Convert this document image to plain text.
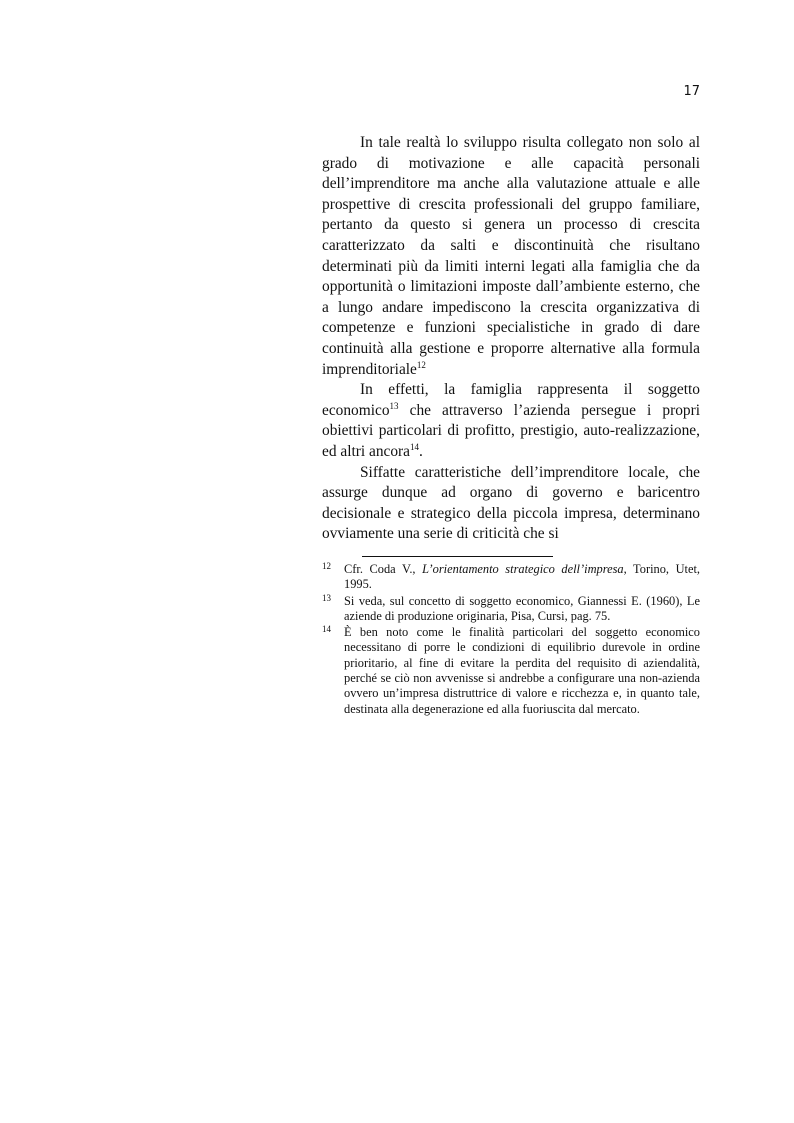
17

In tale realtà lo sviluppo risulta collegato non solo al grado di motivazione e alle capacità personali dell’imprenditore ma anche alla valutazione attuale e alle prospettive di crescita professionali del gruppo familiare, pertanto da questo si genera un processo di crescita caratterizzato da salti e discontinuità che risultano determinati più da limiti interni legati alla famiglia che da opportunità o limitazioni imposte dall’ambiente esterno, che a lungo andare impediscono la crescita organizzativa di competenze e funzioni specialistiche in grado di dare continuità alla gestione e proporre alternative alla formula imprenditoriale$^{12}$

In effetti, la famiglia rappresenta il soggetto economico$^{13}$ che attraverso l’azienda persegue i propri obiettivi particolari di profitto, prestigio, auto-realizzazione, ed altri ancora$^{14}$.

Siffatte caratteristiche dell’imprenditore locale, che assurge dunque ad organo di governo e baricentro decisionale e strategico della piccola impresa, determinano ovviamente una serie di criticità che si

12 Cfr. Coda V., L’orientamento strategico dell’impresa, Torino, Utet, 1995.
13 Si veda, sul concetto di soggetto economico, Giannessi E. (1960), Le aziende di produzione originaria, Pisa, Cursi, pag. 75.
14 È ben noto come le finalità particolari del soggetto economico necessitano di porre le condizioni di equilibrio durevole in ordine prioritario, al fine di evitare la perdita del requisito di aziendalità, perché se ciò non avvenisse si andrebbe a configurare una non-azienda ovvero un’impresa distruttrice di valore e ricchezza e, in quanto tale, destinata alla degenerazione ed alla fuoriuscita dal mercato.
